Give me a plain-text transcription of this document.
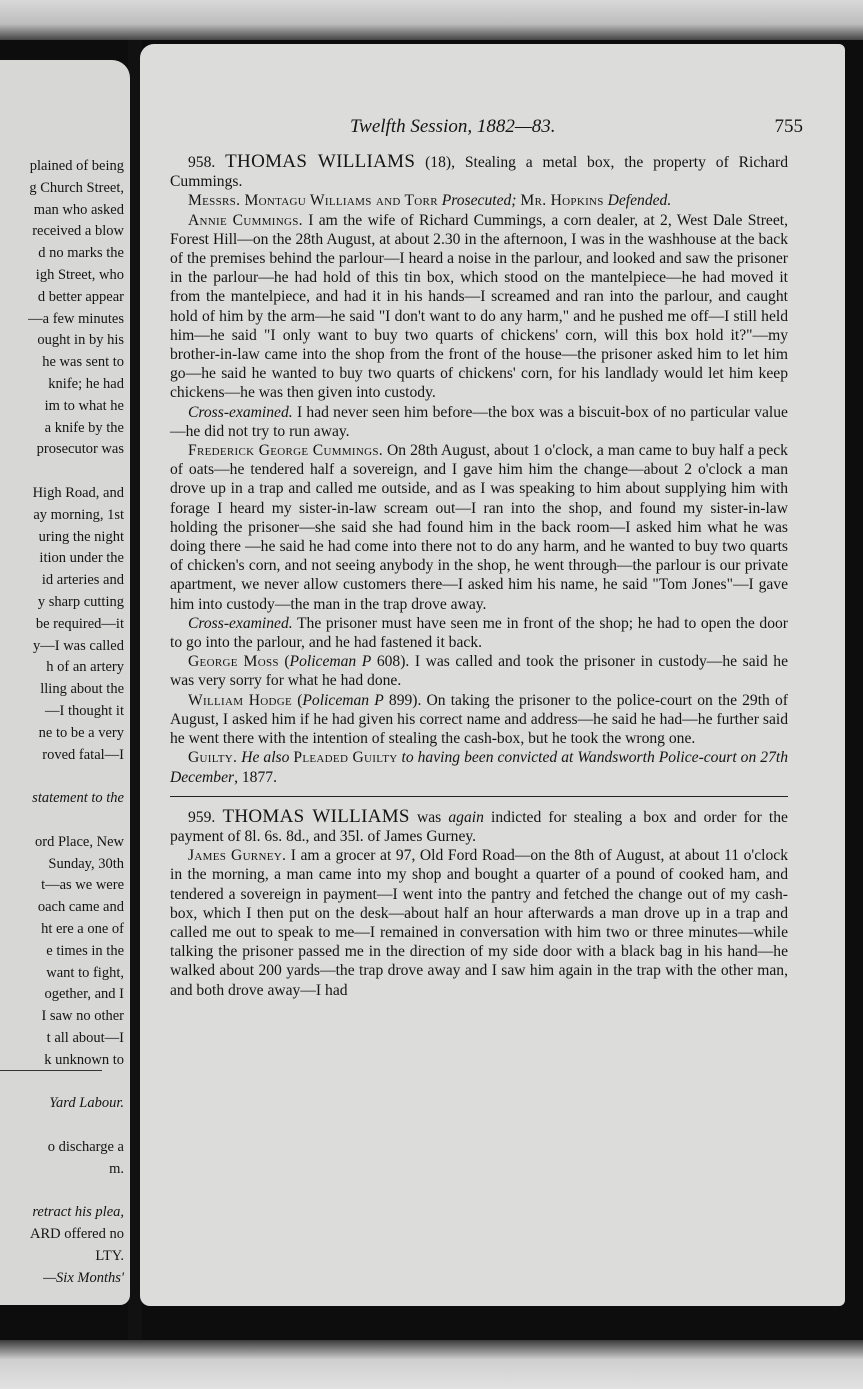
plained of being
g Church Street,
man who asked
received a blow
d no marks the
igh Street, who
d better appear
—a few minutes
ought in by his
he was sent to
knife; he had
im to what he
a knife by the
prosecutor was
High Road, and
ay morning, 1st
uring the night
ition under the
id arteries and
y sharp cutting
be required—it
y—I was called
h of an artery
lling about the
—I thought it
ne to be a very
roved fatal—I
statement to the
ord Place, New
Sunday, 30th
t—as we were
oach came and
ht ere a one of
e times in the
want to fight,
ogether, and I
I saw no other
t all about—I
k unknown to
Yard Labour.
o discharge a
m.
retract his plea,
ARD offered no
LTY.
—Six Months'
Twelfth Session, 1882—83.	755

958. THOMAS WILLIAMS (18), Stealing a metal box, the property of Richard Cummings.

Messrs. Montagu Williams and Torr Prosecuted; Mr. Hopkins Defended.

Annie Cummings. I am the wife of Richard Cummings, a corn dealer, at 2, West Dale Street, Forest Hill—on the 28th August, at about 2.30 in the afternoon, I was in the washhouse at the back of the premises behind the parlour—I heard a noise in the parlour, and looked and saw the prisoner in the parlour—he had hold of this tin box, which stood on the mantelpiece—he had moved it from the mantelpiece, and had it in his hands—I screamed and ran into the parlour, and caught hold of him by the arm—he said "I don't want to do any harm," and he pushed me off—I still held him—he said "I only want to buy two quarts of chickens' corn, will this box hold it?"—my brother-in-law came into the shop from the front of the house—the prisoner asked him to let him go—he said he wanted to buy two quarts of chickens' corn, for his landlady would let him keep chickens—he was then given into custody.

Cross-examined. I had never seen him before—the box was a biscuit-box of no particular value—he did not try to run away.

Frederick George Cummings. On 28th August, about 1 o'clock, a man came to buy half a peck of oats—he tendered half a sovereign, and I gave him him the change—about 2 o'clock a man drove up in a trap and called me outside, and as I was speaking to him about supplying him with forage I heard my sister-in-law scream out—I ran into the shop, and found my sister-in-law holding the prisoner—she said she had found him in the back room—I asked him what he was doing there —he said he had come into there not to do any harm, and he wanted to buy two quarts of chicken's corn, and not seeing anybody in the shop, he went through—the parlour is our private apartment, we never allow customers there—I asked him his name, he said "Tom Jones"—I gave him into custody—the man in the trap drove away.

Cross-examined. The prisoner must have seen me in front of the shop; he had to open the door to go into the parlour, and he had fastened it back.

George Moss (Policeman P 608). I was called and took the prisoner in custody—he said he was very sorry for what he had done.

William Hodge (Policeman P 899). On taking the prisoner to the police-court on the 29th of August, I asked him if he had given his correct name and address—he said he had—he further said he went there with the intention of stealing the cash-box, but he took the wrong one.

Guilty. He also Pleaded Guilty to having been convicted at Wandsworth Police-court on 27th December, 1877.

959. THOMAS WILLIAMS was again indicted for stealing a box and order for the payment of 8l. 6s. 8d., and 35l. of James Gurney.

James Gurney. I am a grocer at 97, Old Ford Road—on the 8th of August, at about 11 o'clock in the morning, a man came into my shop and bought a quarter of a pound of cooked ham, and tendered a sovereign in payment—I went into the pantry and fetched the change out of my cash-box, which I then put on the desk—about half an hour afterwards a man drove up in a trap and called me out to speak to me—I remained in conversation with him two or three minutes—while talking the prisoner passed me in the direction of my side door with a black bag in his hand—he walked about 200 yards—the trap drove away and I saw him again in the trap with the other man, and both drove away—I had
